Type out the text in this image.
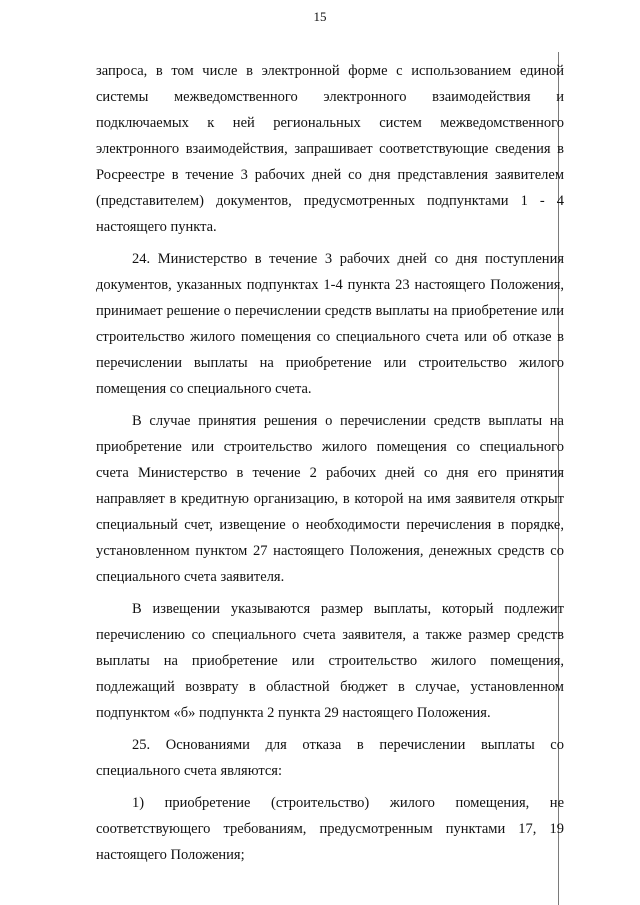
15
запроса, в том числе в электронной форме с использованием единой
системы межведомственного электронного взаимодействия и
подключаемых к ней региональных систем межведомственного
электронного взаимодействия, запрашивает соответствующие сведения в
Росреестре в течение 3 рабочих дней со дня представления заявителем
(представителем) документов, предусмотренных подпунктами 1 - 4
настоящего пункта.
24. Министерство в течение 3 рабочих дней со дня поступления
документов, указанных подпунктах 1-4 пункта 23 настоящего Положения,
принимает решение о перечислении средств выплаты на приобретение или
строительство жилого помещения со специального счета или об отказе в
перечислении выплаты на приобретение или строительство жилого
помещения со специального счета.
В случае принятия решения о перечислении средств выплаты на
приобретение или строительство жилого помещения со специального
счета Министерство в течение 2 рабочих дней со дня его принятия
направляет в кредитную организацию, в которой на имя заявителя открыт
специальный счет, извещение о необходимости перечисления в порядке,
установленном пунктом 27 настоящего Положения, денежных средств со
специального счета заявителя.
В извещении указываются размер выплаты, который подлежит
перечислению со специального счета заявителя, а также размер средств
выплаты на приобретение или строительство жилого помещения,
подлежащий возврату в областной бюджет в случае, установленном
подпунктом «б» подпункта 2 пункта 29 настоящего Положения.
25. Основаниями для отказа в перечислении выплаты со
специального счета являются:
1) приобретение (строительство) жилого помещения, не
соответствующего требованиям, предусмотренным пунктами 17, 19
настоящего Положения;
